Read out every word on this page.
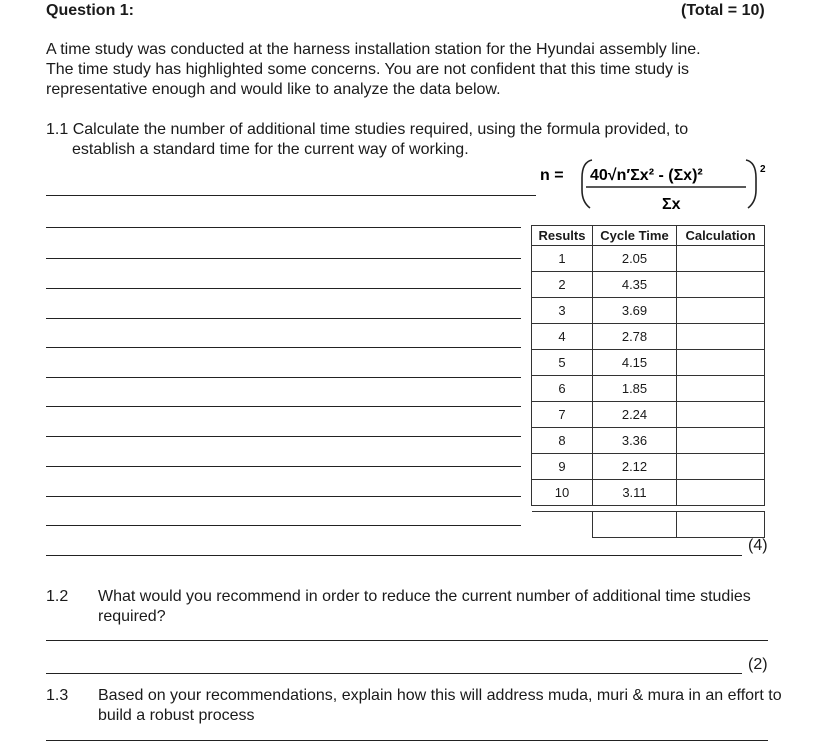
Question 1:	(Total = 10)
A time study was conducted at the harness installation station for the Hyundai assembly line.
The time study has highlighted some concerns. You are not confident that this time study is
representative enough and would like to analyze the data below.
1.1 Calculate the number of additional time studies required, using the formula provided, to
establish a standard time for the current way of working.
n = 40√n′Σx² - (Σx)²
Σx
2
Results	Cycle Time	Calculation
1	2.05	
2	4.35	
3	3.69	
4	2.78	
5	4.15	
6	1.85	
7	2.24	
8	3.36	
9	2.12	
10	3.11	

(4)
1.2 What would you recommend in order to reduce the current number of additional time studies required?
(2)
1.3 Based on your recommendations, explain how this will address muda, muri & mura in an effort to build a robust process
